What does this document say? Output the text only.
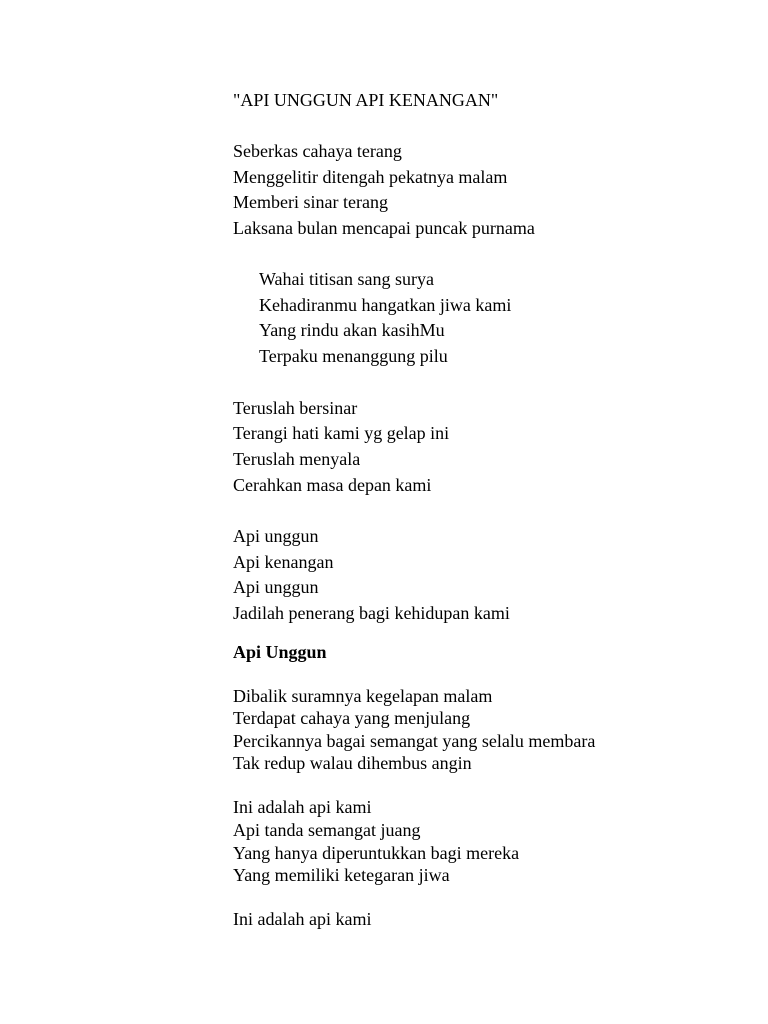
"API UNGGUN API KENANGAN"

Seberkas cahaya terang

Menggelitir ditengah pekatnya malam

Memberi sinar terang

Laksana bulan mencapai puncak purnama

Wahai titisan sang surya

Kehadiranmu hangatkan jiwa kami

Yang rindu akan kasihMu

Terpaku menanggung pilu

Teruslah bersinar

Terangi hati kami yg gelap ini

Teruslah menyala

Cerahkan masa depan kami

Api unggun

Api kenangan

Api unggun

Jadilah penerang bagi kehidupan kami

Api Unggun

Dibalik suramnya kegelapan malam

Terdapat cahaya yang menjulang

Percikannya bagai semangat yang selalu membara

Tak redup walau dihembus angin

Ini adalah api kami

Api tanda semangat juang

Yang hanya diperuntukkan bagi mereka

Yang memiliki ketegaran jiwa

Ini adalah api kami
